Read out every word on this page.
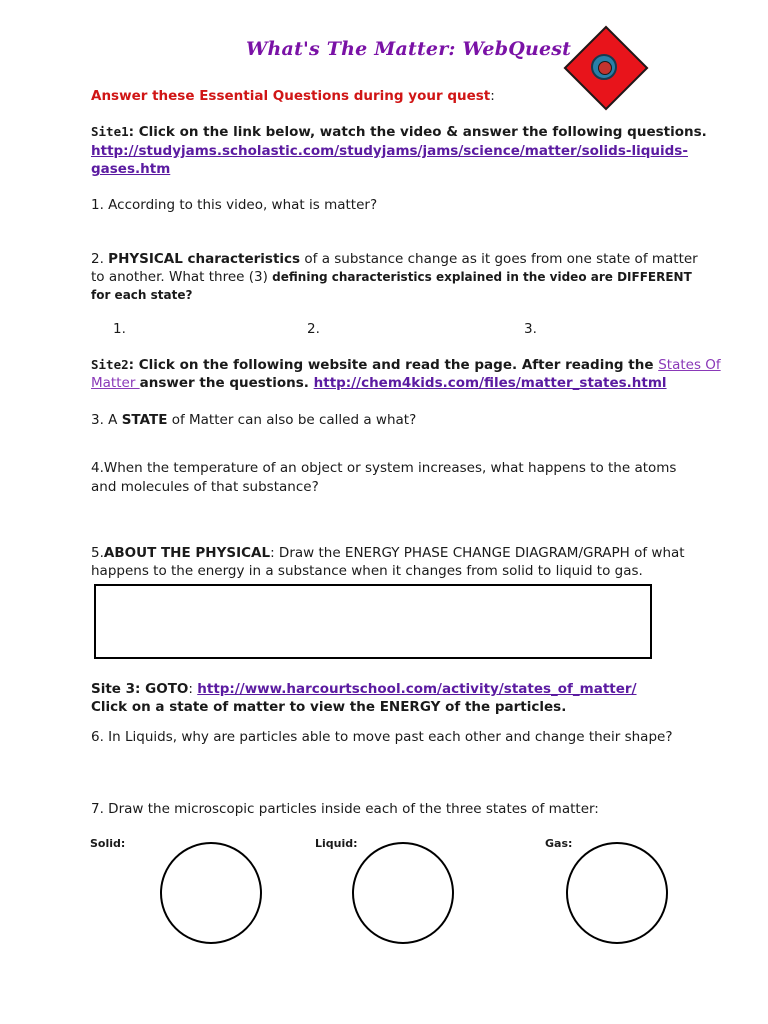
What's The Matter: WebQuest
Answer these Essential Questions during your quest:
Site1: Click on the link below, watch the video & answer the following questions.
http://studyjams.scholastic.com/studyjams/jams/science/matter/solids-liquids-
gases.htm
1. According to this video, what is matter?
2. PHYSICAL characteristics of a substance change as it goes from one state of matter
to another. What three (3) defining characteristics explained in the video are DIFFERENT
for each state?
1.	2.	3.
Site2: Click on the following website and read the page. After reading the States Of
Matter answer the questions. http://chem4kids.com/files/matter_states.html
3. A STATE of Matter can also be called a what?
4.When the temperature of an object or system increases, what happens to the atoms
and molecules of that substance?
5.ABOUT THE PHYSICAL: Draw the ENERGY PHASE CHANGE DIAGRAM/GRAPH of what
happens to the energy in a substance when it changes from solid to liquid to gas.
Site 3: GOTO: http://www.harcourtschool.com/activity/states_of_matter/
Click on a state of matter to view the ENERGY of the particles.
6. In Liquids, why are particles able to move past each other and change their shape?
7. Draw the microscopic particles inside each of the three states of matter:
Solid:	Liquid:	Gas:
